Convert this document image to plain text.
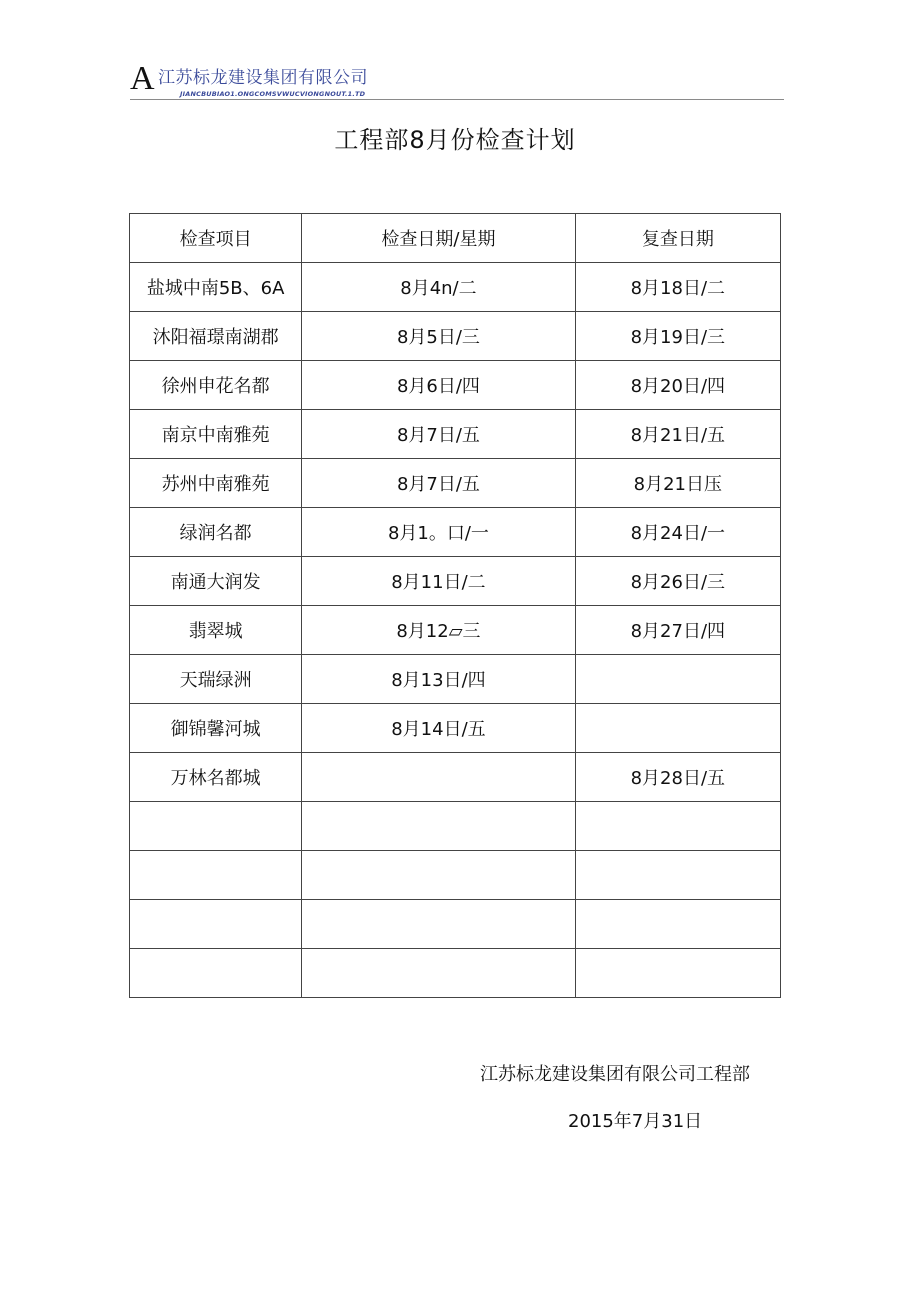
A 江苏标龙建设集团有限公司
JIANCBUBIAO1.ONGCOMSVWUCVIONGNOUT.1.TD
工程部8月份检查计划
检查项目	检查日期/星期	复查日期
盐城中南5B、6A	8月4n/二	8月18日/二
沐阳福璟南湖郡	8月5日/三	8月19日/三
徐州申花名都	8月6日/四	8月20日/四
南京中南雅苑	8月7日/五	8月21日/五
苏州中南雅苑	8月7日/五	8月21日压
绿润名都	8月1。口/一	8月24日/一
南通大润发	8月11日/二	8月26日/三
翡翠城	8月12▱三	8月27日/四
天瑞绿洲	8月13日/四	
御锦馨河城	8月14日/五	
万林名都城		8月28日/五

江苏标龙建设集团有限公司工程部
2015年7月31日
